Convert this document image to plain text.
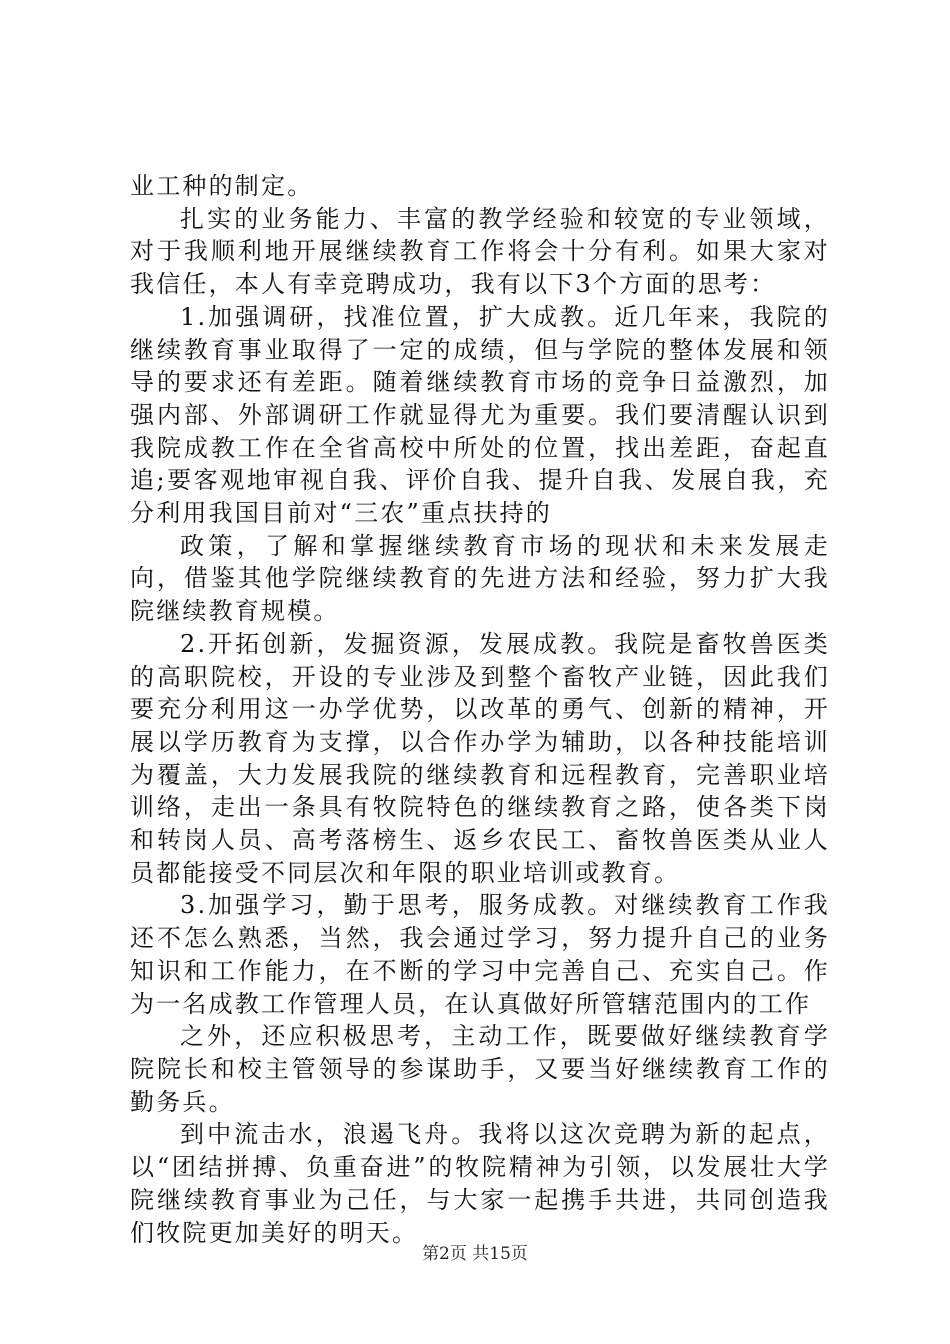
业工种的制定。

扎实的业务能力、丰富的教学经验和较宽的专业领域，对于我顺利地开展继续教育工作将会十分有利。如果大家对我信任，本人有幸竞聘成功，我有以下3个方面的思考：

1.加强调研，找准位置，扩大成教。近几年来，我院的继续教育事业取得了一定的成绩，但与学院的整体发展和领导的要求还有差距。随着继续教育市场的竞争日益激烈，加强内部、外部调研工作就显得尤为重要。我们要清醒认识到我院成教工作在全省高校中所处的位置，找出差距，奋起直追;要客观地审视自我、评价自我、提升自我、发展自我，充分利用我国目前对“三农”重点扶持的

政策，了解和掌握继续教育市场的现状和未来发展走向，借鉴其他学院继续教育的先进方法和经验，努力扩大我院继续教育规模。

2.开拓创新，发掘资源，发展成教。我院是畜牧兽医类的高职院校，开设的专业涉及到整个畜牧产业链，因此我们要充分利用这一办学优势，以改革的勇气、创新的精神，开展以学历教育为支撑，以合作办学为辅助，以各种技能培训为覆盖，大力发展我院的继续教育和远程教育，完善职业培训络，走出一条具有牧院特色的继续教育之路，使各类下岗和转岗人员、高考落榜生、返乡农民工、畜牧兽医类从业人员都能接受不同层次和年限的职业培训或教育。

3.加强学习，勤于思考，服务成教。对继续教育工作我还不怎么熟悉，当然，我会通过学习，努力提升自己的业务知识和工作能力，在不断的学习中完善自己、充实自己。作为一名成教工作管理人员，在认真做好所管辖范围内的工作

之外，还应积极思考，主动工作，既要做好继续教育学院院长和校主管领导的参谋助手，又要当好继续教育工作的勤务兵。

到中流击水，浪遏飞舟。我将以这次竞聘为新的起点，以“团结拼搏、负重奋进”的牧院精神为引领，以发展壮大学院继续教育事业为己任，与大家一起携手共进，共同创造我们牧院更加美好的明天。

第2页 共15页
